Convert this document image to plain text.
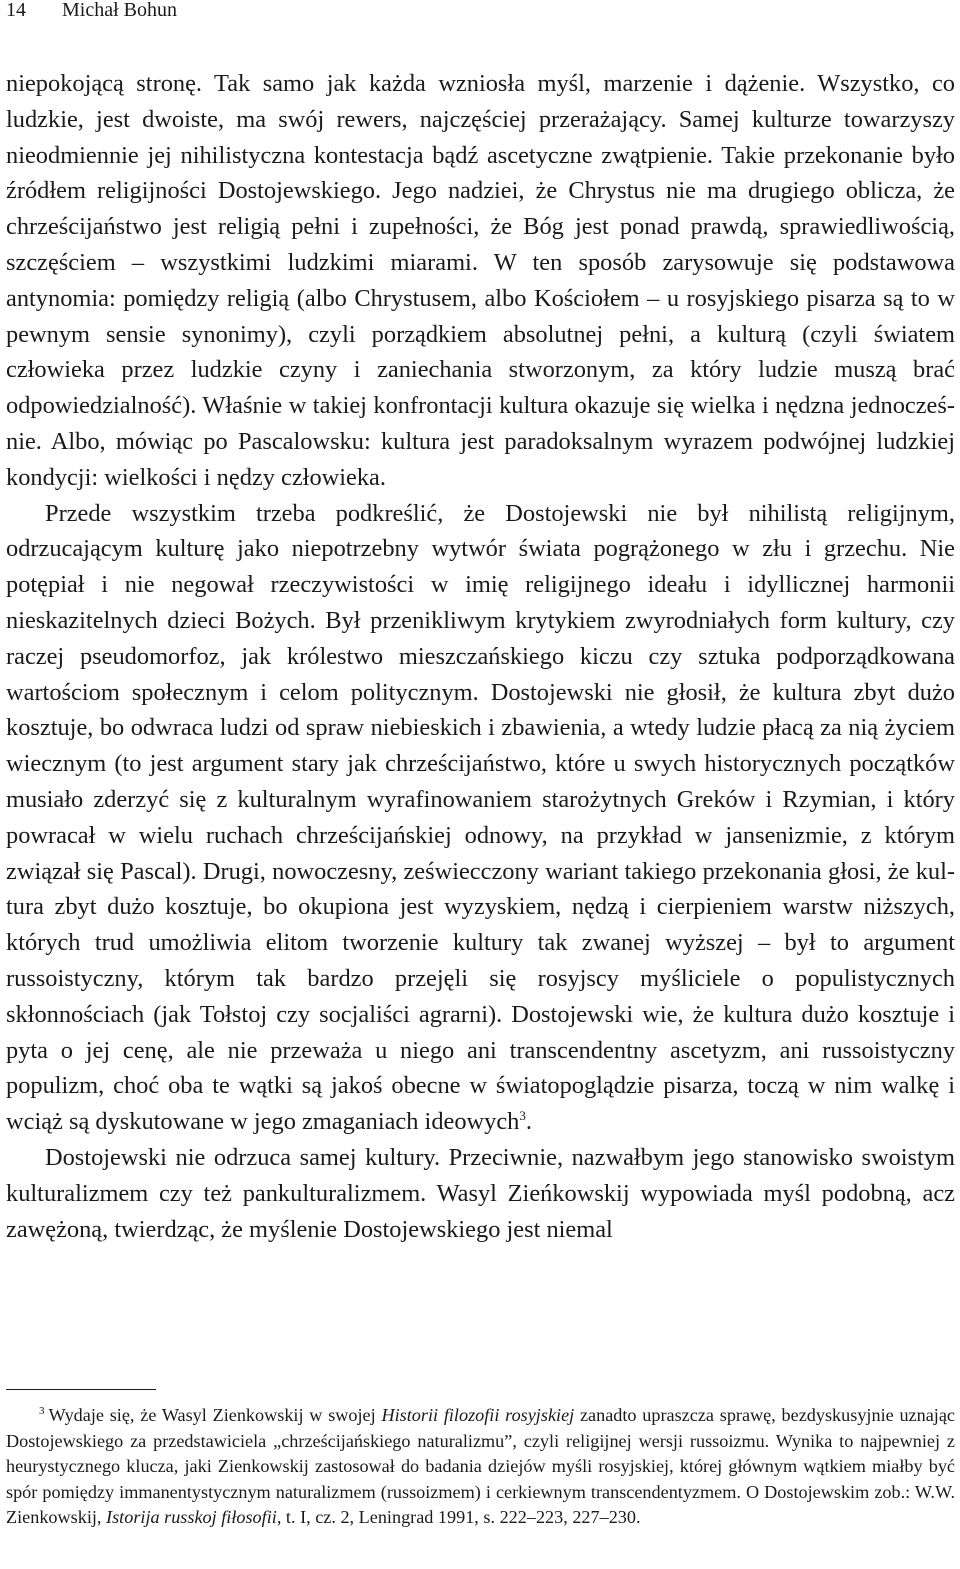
14 Michał Bohun

niepokojącą stronę. Tak samo jak każda wzniosła myśl, marzenie i dążenie. Wszystko, co ludzkie, jest dwoiste, ma swój rewers, najczęściej przerażający. Samej kulturze towarzyszy nieodmiennie jej nihilistyczna kontestacja bądź ascetyczne zwątpienie. Takie przekonanie było źródłem religijności Dostojewskiego. Jego nadziei, że Chrystus nie ma drugiego oblicza, że chrześcijaństwo jest religią pełni i zupełności, że Bóg jest ponad prawdą, sprawiedliwością, szczęściem – wszystkimi ludzkimi miarami. W ten sposób zarysowuje się podstawowa antynomia: pomiędzy religią (albo Chrystusem, albo Kościołem – u rosyjskiego pisarza są to w pewnym sensie synonimy), czyli porządkiem absolutnej pełni, a kulturą (czyli światem człowieka przez ludzkie czyny i zaniechania stworzonym, za który ludzie muszą brać odpowiedzialność). Właśnie w takiej konfrontacji kultura okazuje się wielka i nędzna jednocześnie. Albo, mówiąc po Pascalowsku: kultura jest paradoksalnym wyrazem podwójnej ludzkiej kondycji: wielkości i nędzy człowieka.

Przede wszystkim trzeba podkreślić, że Dostojewski nie był nihilistą religijnym, odrzucającym kulturę jako niepotrzebny wytwór świata pogrążonego w złu i grzechu. Nie potępiał i nie negował rzeczywistości w imię religijnego ideału i idyllicznej harmonii nieskazitelnych dzieci Bożych. Był przenikliwym krytykiem zwyrodniałych form kultury, czy raczej pseudomorfoz, jak królestwo mieszczańskiego kiczu czy sztuka podporządkowana wartościom społecznym i celom politycznym. Dostojewski nie głosił, że kultura zbyt dużo kosztuje, bo odwraca ludzi od spraw niebieskich i zbawienia, a wtedy ludzie płacą za nią życiem wiecznym (to jest argument stary jak chrześcijaństwo, które u swych historycznych początków musiało zderzyć się z kulturalnym wyrafinowaniem starożytnych Greków i Rzymian, i który powracał w wielu ruchach chrześcijańskiej odnowy, na przykład w jansenizmie, z którym związał się Pascal). Drugi, nowoczesny, zeświecczony wariant takiego przekonania głosi, że kultura zbyt dużo kosztuje, bo okupiona jest wyzyskiem, nędzą i cierpieniem warstw niższych, których trud umożliwia elitom tworzenie kultury tak zwanej wyższej – był to argument russoistyczny, którym tak bardzo przejęli się rosyjscy myśliciele o populistycznych skłonnościach (jak Tołstoj czy socjaliści agrarni). Dostojewski wie, że kultura dużo kosztuje i pyta o jej cenę, ale nie przeważa u niego ani transcendentny ascetyzm, ani russoistyczny populizm, choć oba te wątki są jakoś obecne w światopoglądzie pisarza, toczą w nim walkę i wciąż są dyskutowane w jego zmaganiach ideowych$^3$.

Dostojewski nie odrzuca samej kultury. Przeciwnie, nazwałbym jego stanowisko swoistym kulturalizmem czy też pankulturalizmem. Wasyl Zieńkowskij wypowiada myśl podobną, acz zawężoną, twierdząc, że myślenie Dostojewskiego jest niemal

$^3$ Wydaje się, że Wasyl Zienkowskij w swojej Historii filozofii rosyjskiej zanadto upraszcza sprawę, bezdyskusyjnie uznając Dostojewskiego za przedstawiciela „chrześcijańskiego naturalizmu”, czyli religijnej wersji russoizmu. Wynika to najpewniej z heurystycznego klucza, jaki Zienkowskij zastosował do badania dziejów myśli rosyjskiej, której głównym wątkiem miałby być spór pomiędzy immanentystycznym naturalizmem (russoizmem) i cerkiewnym transcendentyzmem. O Dostojewskim zob.: W.W. Zienkowskij, Istorija russkoj fiłosofii, t. I, cz. 2, Leningrad 1991, s. 222–223, 227–230.
